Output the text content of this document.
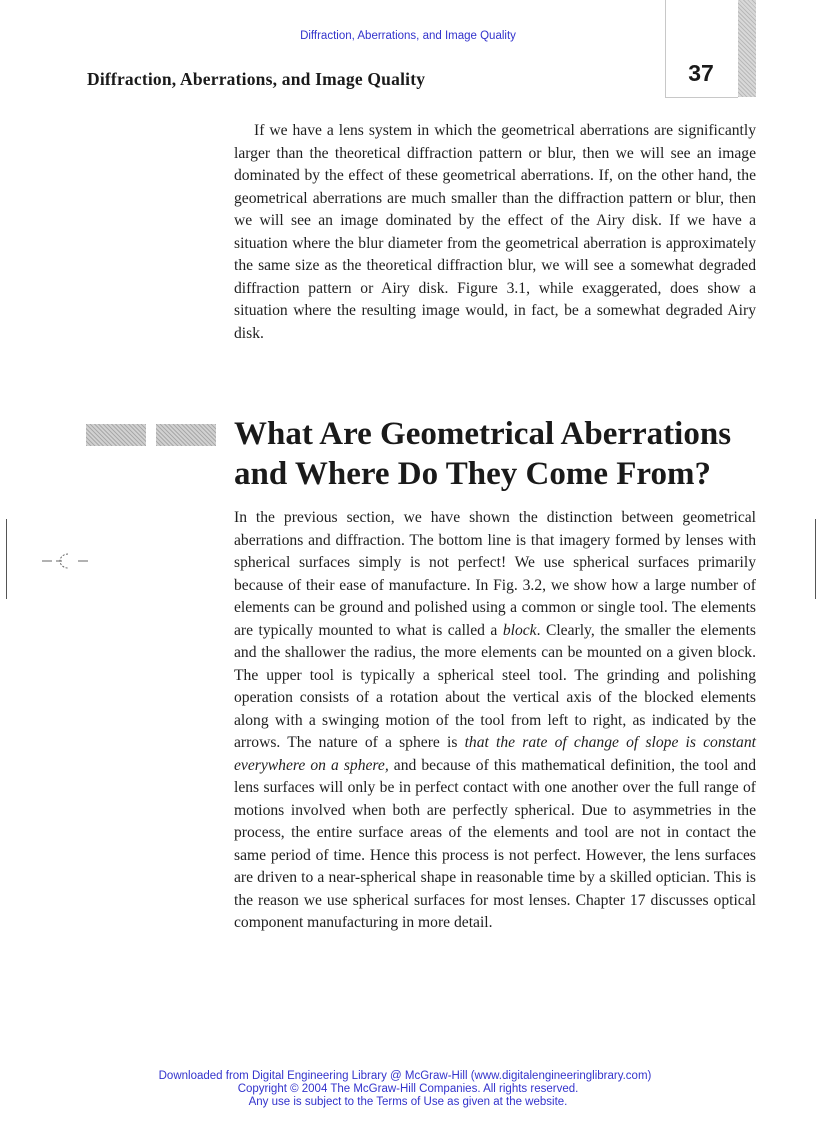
Diffraction, Aberrations, and Image Quality
37
Diffraction, Aberrations, and Image Quality

If we have a lens system in which the geometrical aberrations are significantly larger than the theoretical diffraction pattern or blur, then we will see an image dominated by the effect of these geometrical aberrations. If, on the other hand, the geometrical aberrations are much smaller than the diffraction pattern or blur, then we will see an image dominated by the effect of the Airy disk. If we have a situation where the blur diameter from the geometrical aberration is approximately the same size as the theoretical diffraction blur, we will see a somewhat degraded diffraction pattern or Airy disk. Figure 3.1, while exaggerated, does show a situation where the resulting image would, in fact, be a somewhat degraded Airy disk.

What Are Geometrical Aberrations
and Where Do They Come From?

In the previous section, we have shown the distinction between geometrical aberrations and diffraction. The bottom line is that imagery formed by lenses with spherical surfaces simply is not perfect! We use spherical surfaces primarily because of their ease of manufacture. In Fig. 3.2, we show how a large number of elements can be ground and polished using a common or single tool. The elements are typically mounted to what is called a block. Clearly, the smaller the elements and the shallower the radius, the more elements can be mounted on a given block. The upper tool is typically a spherical steel tool. The grinding and polishing operation consists of a rotation about the vertical axis of the blocked elements along with a swinging motion of the tool from left to right, as indicated by the arrows. The nature of a sphere is that the rate of change of slope is constant everywhere on a sphere, and because of this mathematical definition, the tool and lens surfaces will only be in perfect contact with one another over the full range of motions involved when both are perfectly spherical. Due to asymmetries in the process, the entire surface areas of the elements and tool are not in contact the same period of time. Hence this process is not perfect. However, the lens surfaces are driven to a near-spherical shape in reasonable time by a skilled optician. This is the reason we use spherical surfaces for most lenses. Chapter 17 discusses optical component manufacturing in more detail.

Downloaded from Digital Engineering Library @ McGraw-Hill (www.digitalengineeringlibrary.com)
Copyright © 2004 The McGraw-Hill Companies. All rights reserved.
Any use is subject to the Terms of Use as given at the website.
